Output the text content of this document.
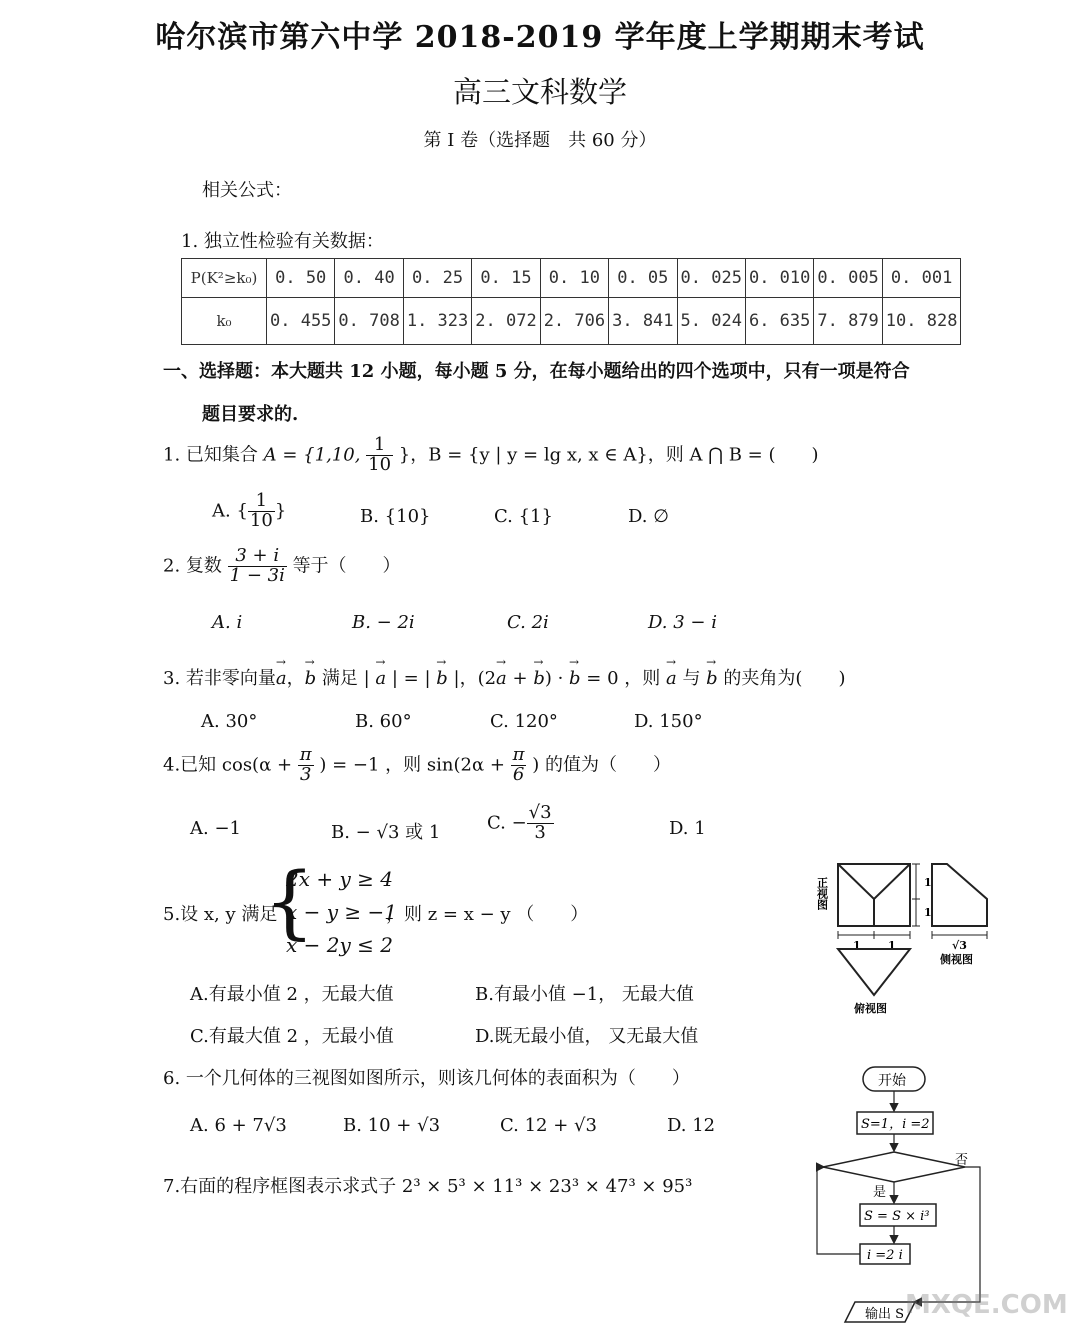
哈尔滨市第六中学 2018-2019 学年度上学期期末考试
高三文科数学
第 I 卷（选择题　共 60 分）
相关公式：
1. 独立性检验有关数据：
P(K²≥k₀)	0. 50	0. 40	0. 25	0. 15	0. 10	0. 05	0. 025	0. 010	0. 005	0. 001
k₀	0. 455	0. 708	1. 323	2. 072	2. 706	3. 841	5. 024	6. 635	7. 879	10. 828
一、选择题：本大题共 12 小题，每小题 5 分，在每小题给出的四个选项中，只有一项是符合
题目要求的.
1. 已知集合 A = {1,10, $\frac{1}{10}$ }，B = {y | y = lg x, x ∈ A}，则 A ⋂ B = (　　)
A. { $\frac{1}{10}$ }	B. {10}	C. {1}	D. ∅
2. 复数 $\frac{3 + i}{1 - 3i}$ 等于（　　）
A. i	B. − 2i	C. 2i	D. 3 − i
3. 若非零向量→ a，→ b 满足 | → a | = | → b |，(2→ a + → b) · → b = 0 ，则 → a 与 → b 的夹角为(　　)
A. 30°	B. 60°	C. 120°	D. 150°
4.已知 $\cos(\alpha + \frac{\pi}{3}$ ) = −1 ，则 $\sin(2\alpha + \frac{\pi}{6}$ ) 的值为（　　）
A. −1	B. − √3 或 1	C. − $\frac{√3}{3}$	D. 1
5.设 x, y 满足
{
2x + y ≥ 4
x − y ≥ −1
x − 2y ≤ 2
，则 z = x − y （　　）
A.有最小值 2 ，无最大值	B.有最小值 −1， 无最大值
C.有最大值 2 ，无最小值	D.既无最小值， 又无最大值
6. 一个几何体的三视图如图所示，则该几何体的表面积为（　　）
A. 6 + 7√3	B. 10 + √3	C. 12 + √3	D. 12
7.右面的程序框图表示求式子 2³ × 5³ × 11³ × 23³ × 47³ × 95³
1
1
正视图
1 1	√3
侧视图
俯视图
开始
S=1，i =2
否
是
S = S × i³
i =2 i
输出 S MXQE.COM
